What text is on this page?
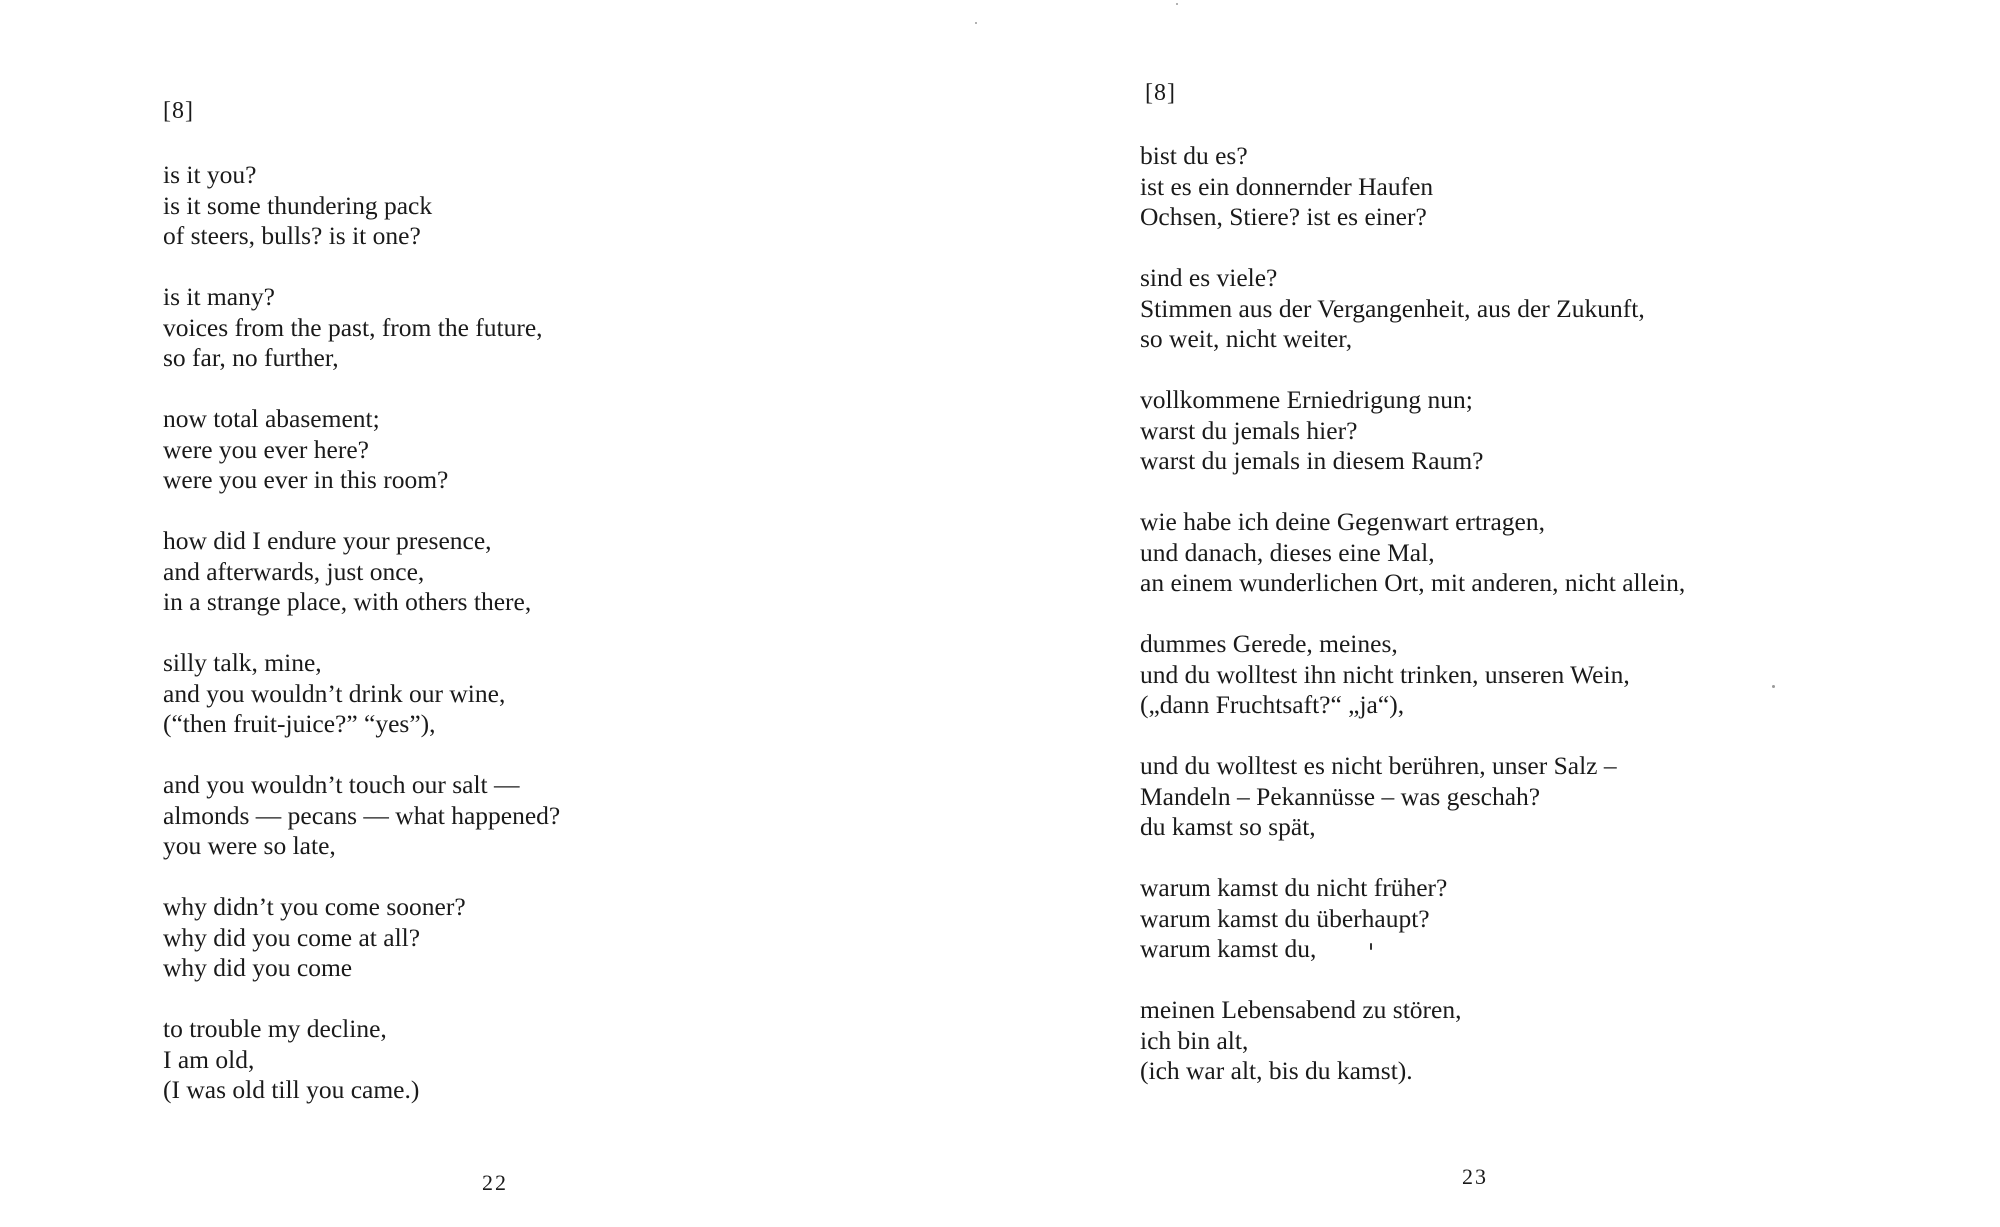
[8]
is it you?
is it some thundering pack
of steers, bulls? is it one?
is it many?
voices from the past, from the future,
so far, no further,
now total abasement;
were you ever here?
were you ever in this room?
how did I endure your presence,
and afterwards, just once,
in a strange place, with others there,
silly talk, mine,
and you wouldn’t drink our wine,
(“then fruit-juice?” “yes”),
and you wouldn’t touch our salt —
almonds — pecans — what happened?
you were so late,
why didn’t you come sooner?
why did you come at all?
why did you come
to trouble my decline,
I am old,
(I was old till you came.)
22
[8]
bist du es?
ist es ein donnernder Haufen
Ochsen, Stiere? ist es einer?
sind es viele?
Stimmen aus der Vergangenheit, aus der Zukunft,
so weit, nicht weiter,
vollkommene Erniedrigung nun;
warst du jemals hier?
warst du jemals in diesem Raum?
wie habe ich deine Gegenwart ertragen,
und danach, dieses eine Mal,
an einem wunderlichen Ort, mit anderen, nicht allein,
dummes Gerede, meines,
und du wolltest ihn nicht trinken, unseren Wein,
(„dann Fruchtsaft?“ „ja“),
und du wolltest es nicht berühren, unser Salz –
Mandeln – Pekannüsse – was geschah?
du kamst so spät,
warum kamst du nicht früher?
warum kamst du überhaupt?
warum kamst du,
meinen Lebensabend zu stören,
ich bin alt,
(ich war alt, bis du kamst).
23
